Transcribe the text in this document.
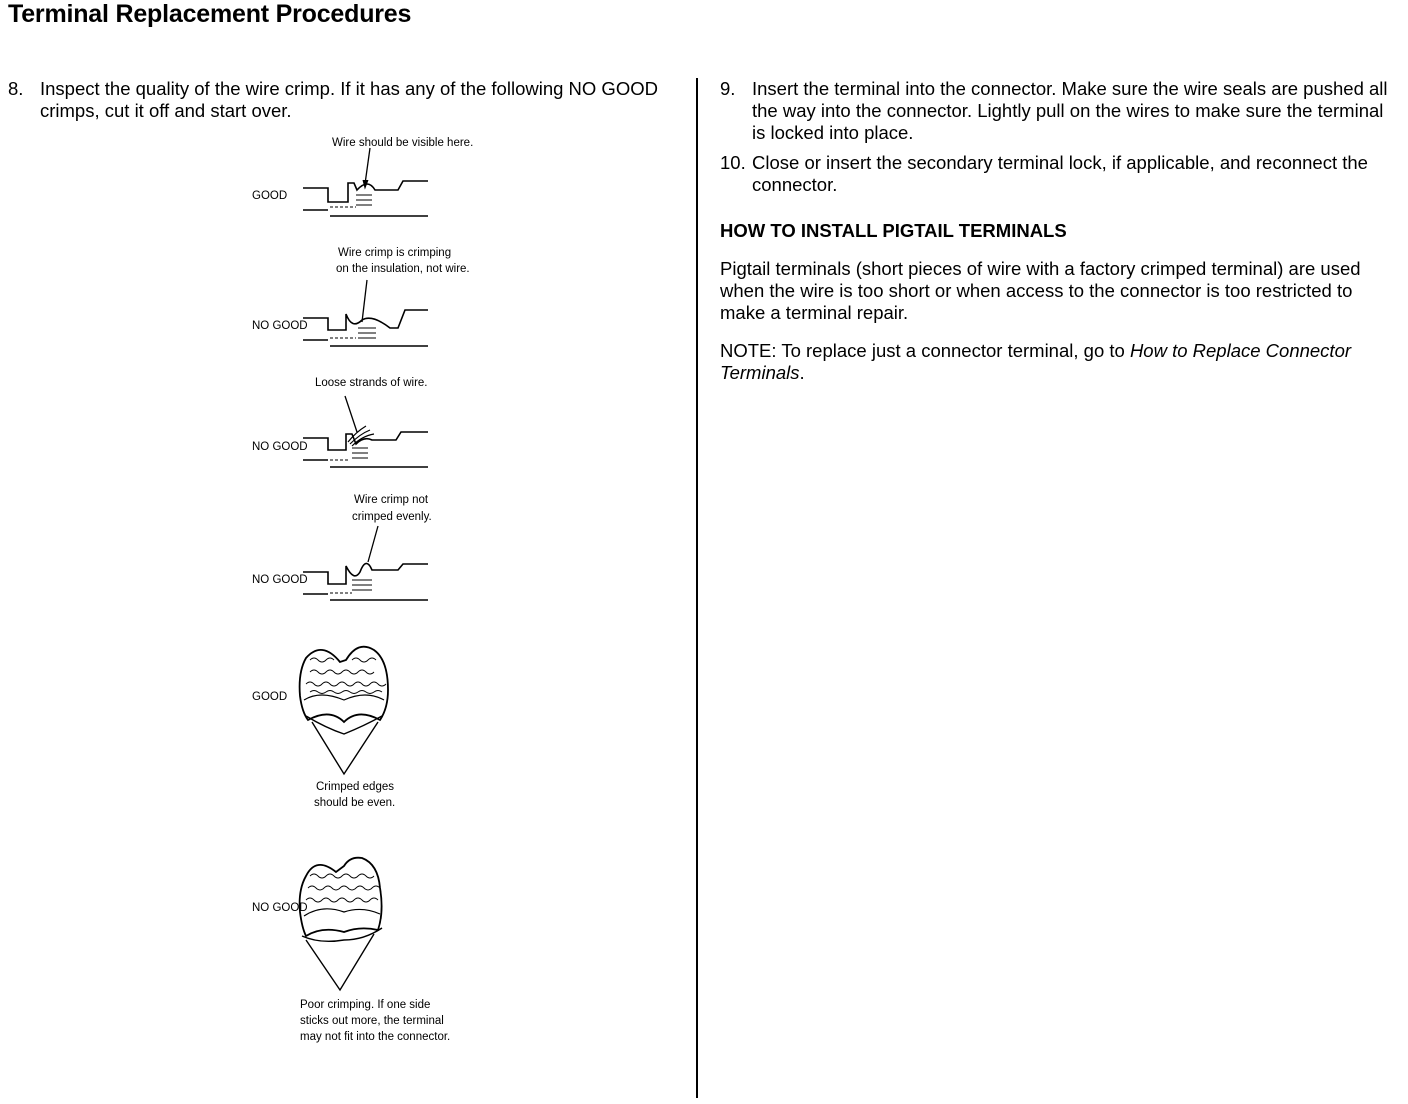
Terminal Replacement Procedures
8. Inspect the quality of the wire crimp. If it has any of the following NO GOOD crimps, cut it off and start over.
GOOD
Wire should be visible here.
NO GOOD
Wire crimp is crimping
on the insulation, not wire.
NO GOOD
Loose strands of wire.
NO GOOD
Wire crimp not
crimped evenly.
GOOD
Crimped edges
should be even.
NO GOOD
Poor crimping. If one side
sticks out more, the terminal
may not fit into the connector.
9. Insert the terminal into the connector. Make sure the wire seals are pushed all the way into the connector. Lightly pull on the wires to make sure the terminal is locked into place.
10. Close or insert the secondary terminal lock, if applicable, and reconnect the connector.
HOW TO INSTALL PIGTAIL TERMINALS
Pigtail terminals (short pieces of wire with a factory crimped terminal) are used when the wire is too short or when access to the connector is too restricted to make a terminal repair.
NOTE: To replace just a connector terminal, go to How to Replace Connector Terminals.
